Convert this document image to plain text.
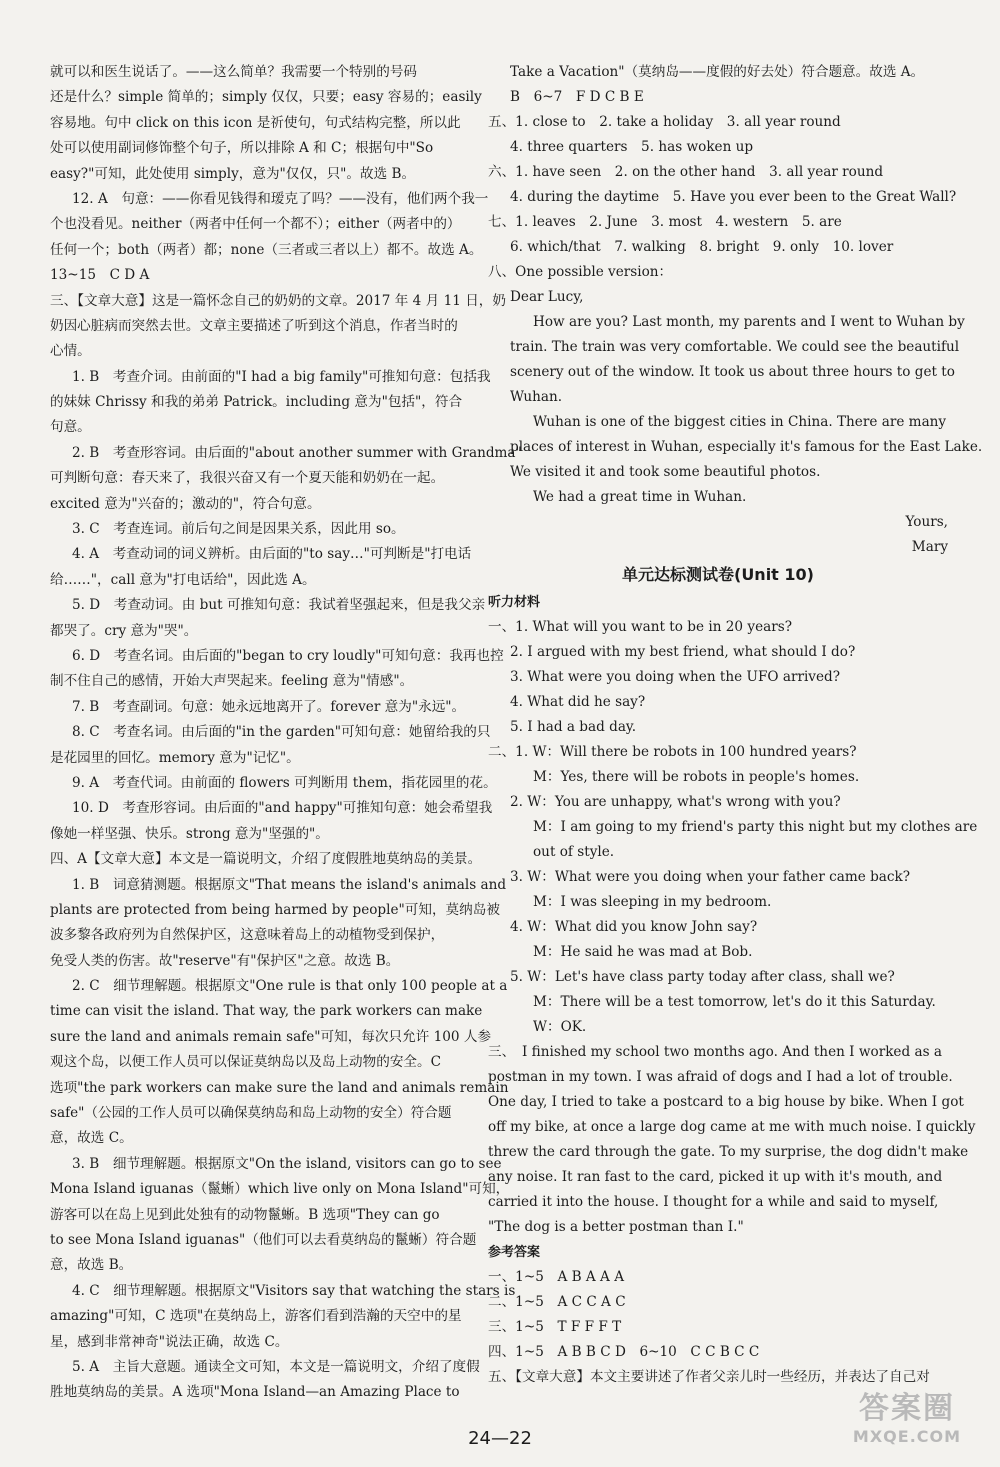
就可以和医生说话了。——这么简单？我需要一个特别的号码
还是什么？simple 简单的；simply 仅仅，只要；easy 容易的；easily
容易地。句中 click on this icon 是祈使句，句式结构完整，所以此
处可以使用副词修饰整个句子，所以排除 A 和 C；根据句中"So
easy?"可知，此处使用 simply，意为"仅仅，只"。故选 B。
12. A　句意：——你看见钱得和瑷克了吗？——没有，他们两个我一
个也没看见。neither（两者中任何一个都不）；either（两者中的）
任何一个；both（两者）都；none（三者或三者以上）都不。故选 A。
13~15　C D A
三、【文章大意】这是一篇怀念自己的奶奶的文章。2017 年 4 月 11 日，奶
奶因心脏病而突然去世。文章主要描述了听到这个消息，作者当时的
心情。
1. B　考查介词。由前面的"I had a big family"可推知句意：包括我
的妹妹 Chrissy 和我的弟弟 Patrick。including 意为"包括"，符合
句意。
2. B　考查形容词。由后面的"about another summer with Grandma"
可判断句意：春天来了，我很兴奋又有一个夏天能和奶奶在一起。
excited 意为"兴奋的；激动的"，符合句意。
3. C　考查连词。前后句之间是因果关系，因此用 so。
4. A　考查动词的词义辨析。由后面的"to say…"可判断是"打电话
给……"，call 意为"打电话给"，因此选 A。
5. D　考查动词。由 but 可推知句意：我试着坚强起来，但是我父亲
都哭了。cry 意为"哭"。
6. D　考查名词。由后面的"began to cry loudly"可知句意：我再也控
制不住自己的感情，开始大声哭起来。feeling 意为"情感"。
7. B　考查副词。句意：她永远地离开了。forever 意为"永远"。
8. C　考查名词。由后面的"in the garden"可知句意：她留给我的只
是花园里的回忆。memory 意为"记忆"。
9. A　考查代词。由前面的 flowers 可判断用 them，指花园里的花。
10. D　考查形容词。由后面的"and happy"可推知句意：她会希望我
像她一样坚强、快乐。strong 意为"坚强的"。
四、A【文章大意】本文是一篇说明文，介绍了度假胜地莫纳岛的美景。
1. B　词意猜测题。根据原文"That means the island's animals and
plants are protected from being harmed by people"可知，莫纳岛被
波多黎各政府列为自然保护区，这意味着岛上的动植物受到保护，
免受人类的伤害。故"reserve"有"保护区"之意。故选 B。
2. C　细节理解题。根据原文"One rule is that only 100 people at a
time can visit the island. That way, the park workers can make
sure the land and animals remain safe"可知，每次只允许 100 人参
观这个岛，以便工作人员可以保证莫纳岛以及岛上动物的安全。C
选项"the park workers can make sure the land and animals remain
safe"（公园的工作人员可以确保莫纳岛和岛上动物的安全）符合题
意，故选 C。
3. B　细节理解题。根据原文"On the island, visitors can go to see
Mona Island iguanas（鬣蜥）which live only on Mona Island"可知，
游客可以在岛上见到此处独有的动物鬣蜥。B 选项"They can go
to see Mona Island iguanas"（他们可以去看莫纳岛的鬣蜥）符合题
意，故选 B。
4. C　细节理解题。根据原文"Visitors say that watching the stars is
amazing"可知，C 选项"在莫纳岛上，游客们看到浩瀚的天空中的星
星，感到非常神奇"说法正确，故选 C。
5. A　主旨大意题。通读全文可知，本文是一篇说明文，介绍了度假
胜地莫纳岛的美景。A 选项"Mona Island—an Amazing Place to
Take a Vacation"（莫纳岛——度假的好去处）符合题意。故选 A。
B　6~7　F D C B E
五、1. close to　2. take a holiday　3. all year round
4. three quarters　5. has woken up
六、1. have seen　2. on the other hand　3. all year round
4. during the daytime　5. Have you ever been to the Great Wall?
七、1. leaves　2. June　3. most　4. western　5. are
6. which/that　7. walking　8. bright　9. only　10. lover
八、One possible version：
Dear Lucy,
How are you? Last month, my parents and I went to Wuhan by
train. The train was very comfortable. We could see the beautiful
scenery out of the window. It took us about three hours to get to
Wuhan.
Wuhan is one of the biggest cities in China. There are many
places of interest in Wuhan, especially it's famous for the East Lake.
We visited it and took some beautiful photos.
We had a great time in Wuhan.
Yours,
Mary
单元达标测试卷(Unit 10)
听力材料
一、1. What will you want to be in 20 years?
2. I argued with my best friend, what should I do?
3. What were you doing when the UFO arrived?
4. What did he say?
5. I had a bad day.
二、1. W：Will there be robots in 100 hundred years?
M：Yes, there will be robots in people's homes.
2. W：You are unhappy, what's wrong with you?
M：I am going to my friend's party this night but my clothes are
out of style.
3. W：What were you doing when your father came back?
M：I was sleeping in my bedroom.
4. W：What did you know John say?
M：He said he was mad at Bob.
5. W：Let's have class party today after class, shall we?
M：There will be a test tomorrow, let's do it this Saturday.
W：OK.
三、　I finished my school two months ago. And then I worked as a
postman in my town. I was afraid of dogs and I had a lot of trouble.
One day, I tried to take a postcard to a big house by bike. When I got
off my bike, at once a large dog came at me with much noise. I quickly
threw the card through the gate. To my surprise, the dog didn't make
any noise. It ran fast to the card, picked it up with it's mouth, and
carried it into the house. I thought for a while and said to myself,
"The dog is a better postman than I."
参考答案
一、1~5　A B A A A
二、1~5　A C C A C
三、1~5　T F F F T
四、1~5　A B B C D　6~10　C C B C C
五、【文章大意】本文主要讲述了作者父亲儿时一些经历，并表达了自己对
24—22
答案圈
MXQE.COM
